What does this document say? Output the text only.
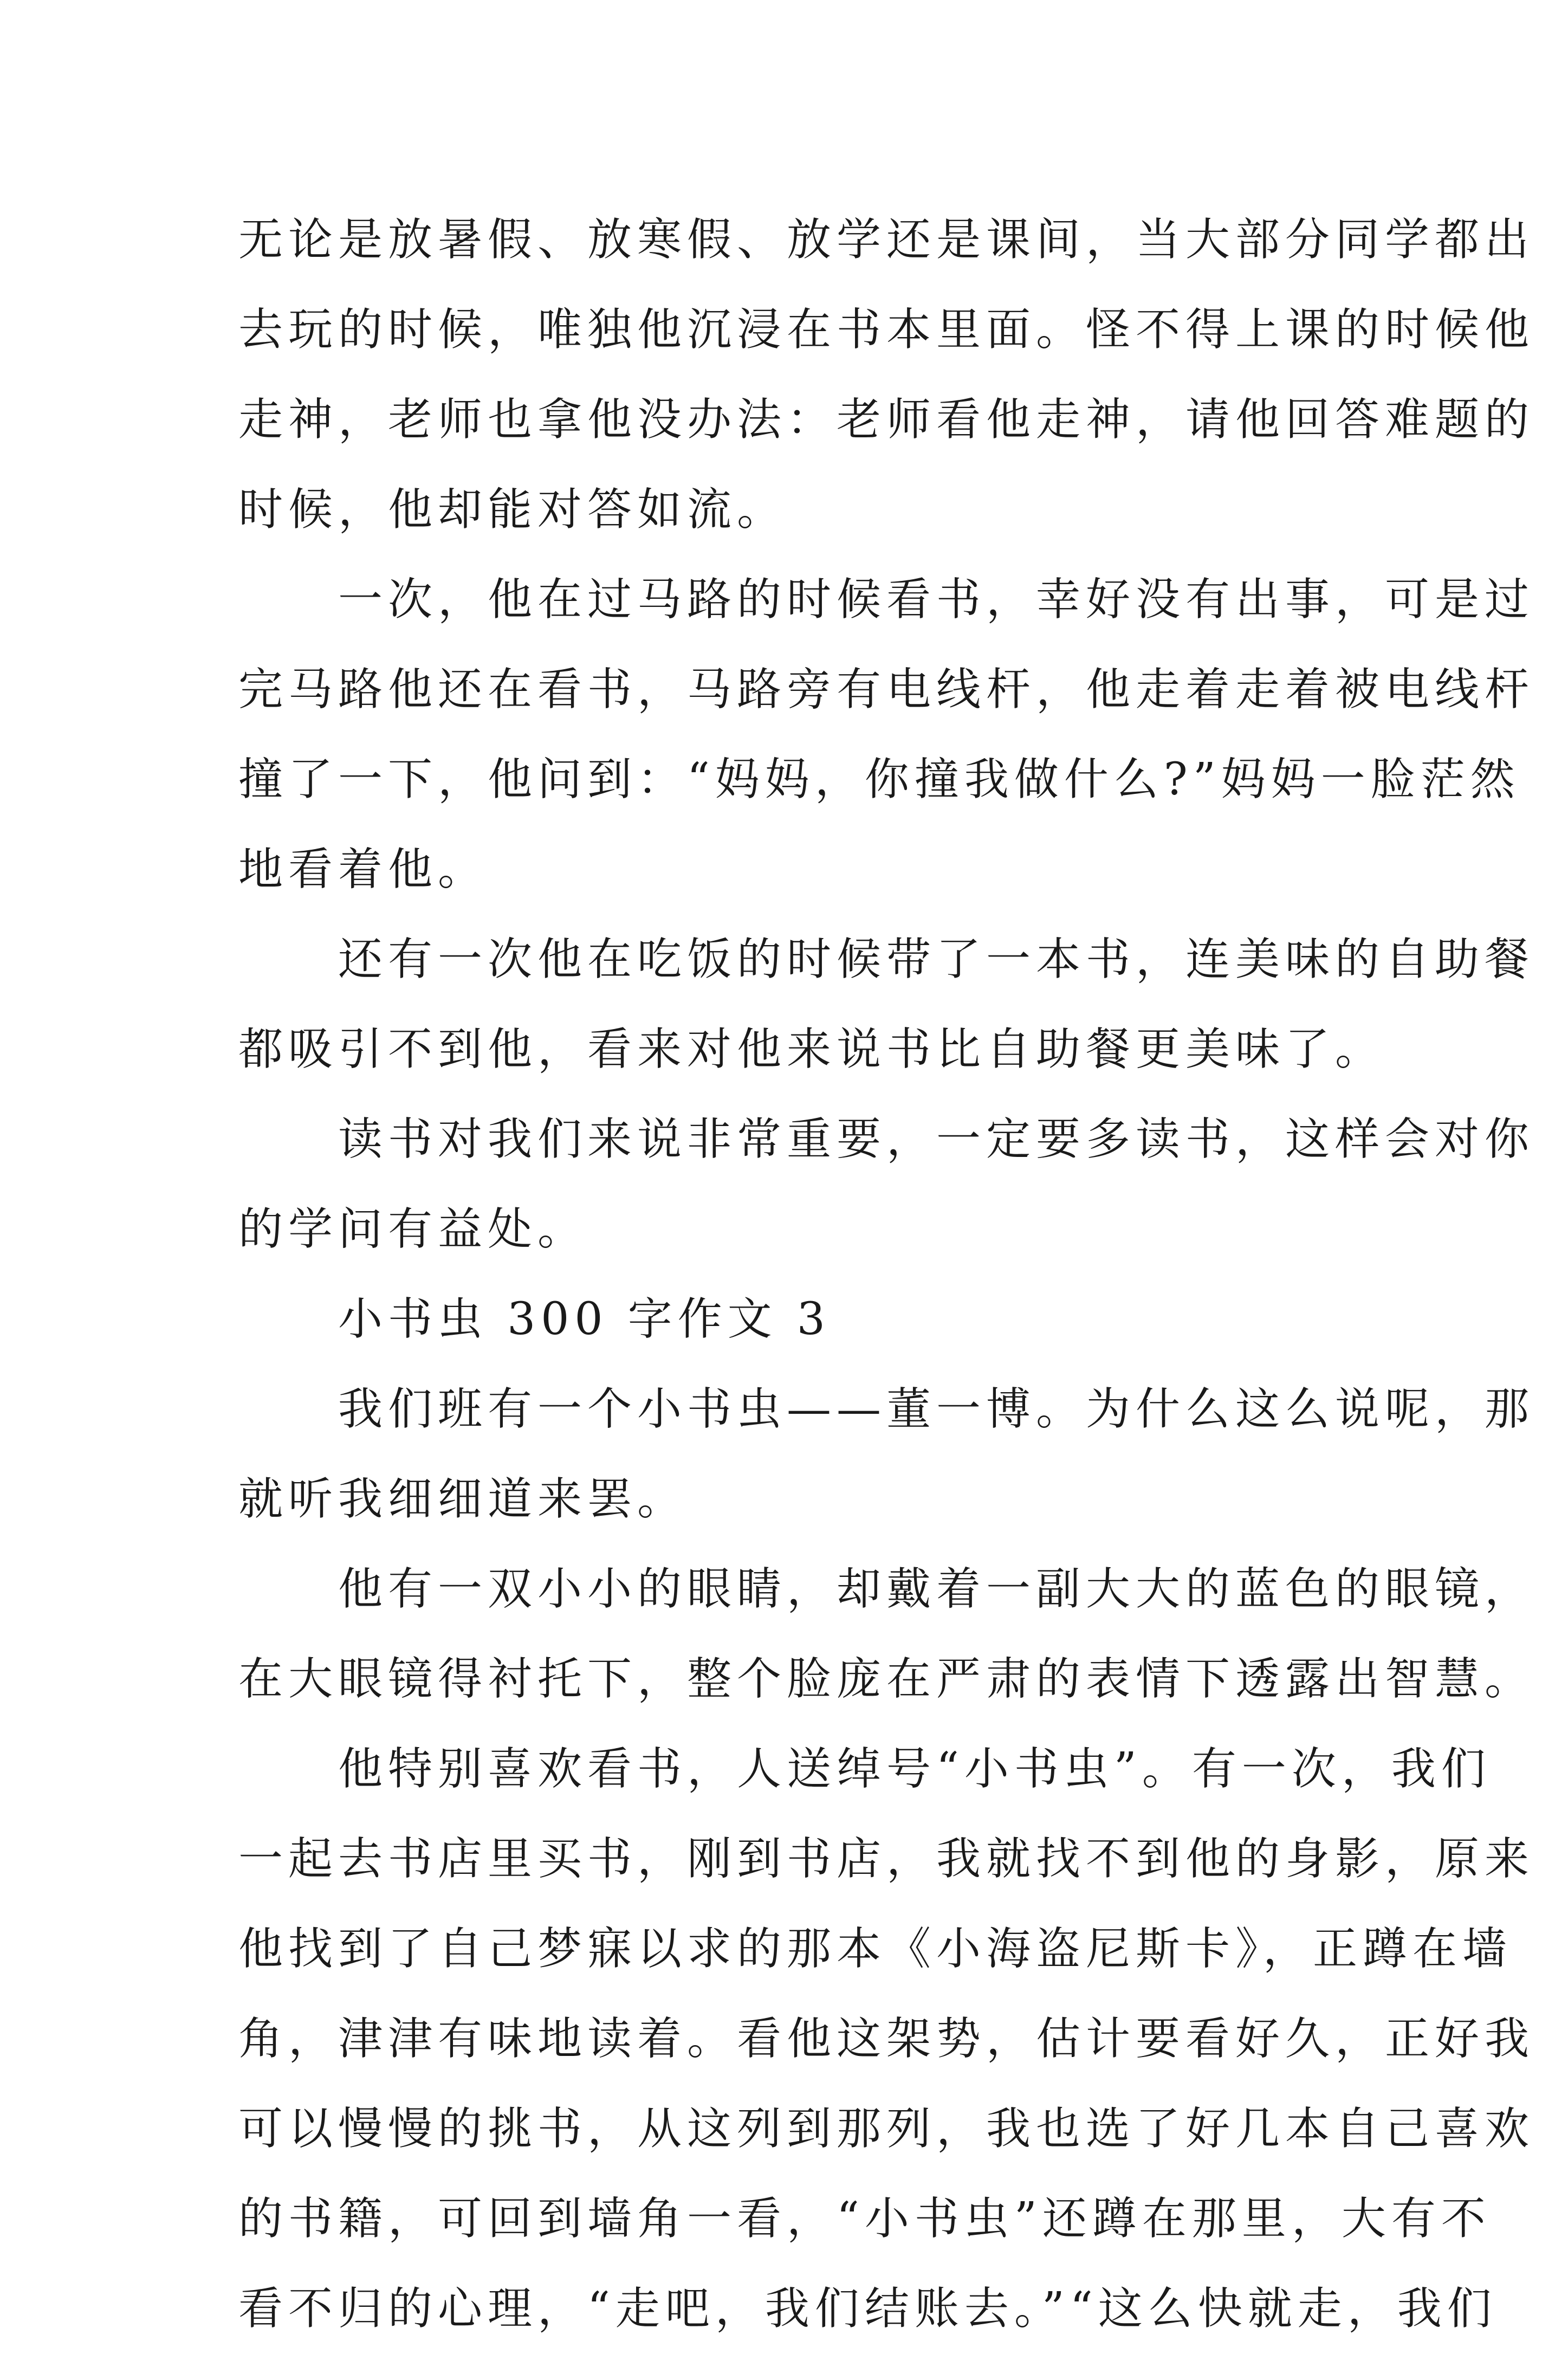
无论是放暑假、放寒假、放学还是课间，当大部分同学都出
去玩的时候，唯独他沉浸在书本里面。怪不得上课的时候他
走神，老师也拿他没办法：老师看他走神，请他回答难题的
时候，他却能对答如流。
　　一次，他在过马路的时候看书，幸好没有出事，可是过
完马路他还在看书，马路旁有电线杆，他走着走着被电线杆
撞了一下，他问到：“妈妈，你撞我做什么?”妈妈一脸茫然
地看着他。
　　还有一次他在吃饭的时候带了一本书，连美味的自助餐
都吸引不到他，看来对他来说书比自助餐更美味了。
　　读书对我们来说非常重要，一定要多读书，这样会对你
的学问有益处。
　　小书虫 300 字作文 3
　　我们班有一个小书虫——董一博。为什么这么说呢，那
就听我细细道来罢。
　　他有一双小小的眼睛，却戴着一副大大的蓝色的眼镜，
在大眼镜得衬托下，整个脸庞在严肃的表情下透露出智慧。
　　他特别喜欢看书，人送绰号“小书虫”。有一次，我们
一起去书店里买书，刚到书店，我就找不到他的身影，原来
他找到了自己梦寐以求的那本《小海盗尼斯卡》，正蹲在墙
角，津津有味地读着。看他这架势，估计要看好久，正好我
可以慢慢的挑书，从这列到那列，我也选了好几本自己喜欢
的书籍，可回到墙角一看，“小书虫”还蹲在那里，大有不
看不归的心理，“走吧，我们结账去。”“这么快就走，我们
